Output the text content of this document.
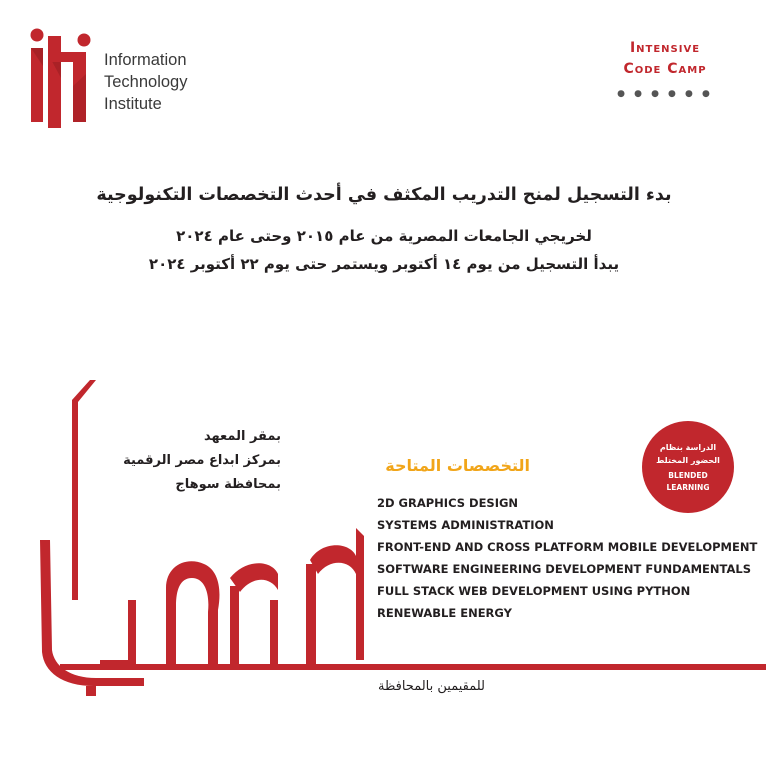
Information
Technology
Institute
Intensive
Code Camp
● ● ● ● ● ●
بدء التسجيل لمنح التدريب المكثف في أحدث التخصصات التكنولوجية
لخريجي الجامعات المصرية من عام ٢٠١٥ وحتى عام ٢٠٢٤
يبدأ التسجيل من يوم ١٤ أكتوبر ويستمر حتى يوم ٢٢ أكتوبر ٢٠٢٤
بمقر المعهد
بمركز ابداع مصر الرقمية
بمحافظة سوهاج
التخصصات المتاحة
2D GRAPHICS DESIGN
SYSTEMS ADMINISTRATION
FRONT-END AND CROSS PLATFORM MOBILE DEVELOPMENT
SOFTWARE ENGINEERING DEVELOPMENT FUNDAMENTALS
FULL STACK WEB DEVELOPMENT USING PYTHON
RENEWABLE ENERGY
الدراسة بنظام
الحضور المختلط
BLENDED
LEARNING
للمقيمين بالمحافظة
